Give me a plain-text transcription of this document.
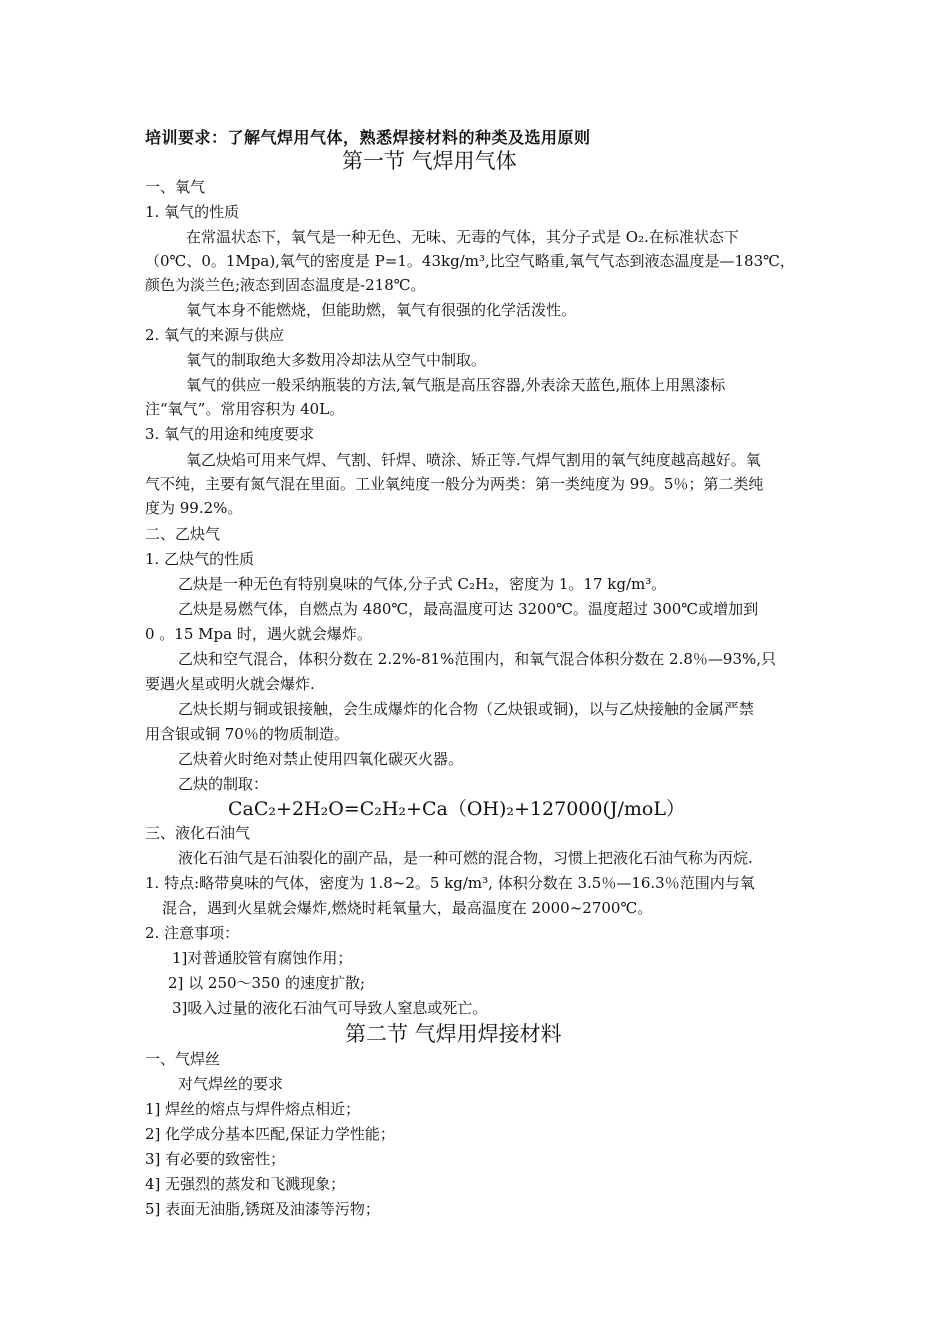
培训要求：了解气焊用气体，熟悉焊接材料的种类及选用原则
第一节 气焊用气体
一、氧气
1. 氧气的性质
在常温状态下，氧气是一种无色、无味、无毒的气体，其分子式是 O₂.在标准状态下
（0℃、0。1Mpa),氧气的密度是 P=1。43kg/m³,比空气略重,氧气气态到液态温度是—183℃，
颜色为淡兰色;液态到固态温度是-218℃。
氧气本身不能燃烧，但能助燃，氧气有很强的化学活泼性。
2. 氧气的来源与供应
氧气的制取绝大多数用冷却法从空气中制取。
氧气的供应一般采纳瓶装的方法,氧气瓶是高压容器,外表涂天蓝色,瓶体上用黑漆标
注“氧气”。常用容积为 40L。
3. 氧气的用途和纯度要求
氧乙炔焰可用来气焊、气割、钎焊、喷涂、矫正等.气焊气割用的氧气纯度越高越好。氧
气不纯，主要有氮气混在里面。工业氧纯度一般分为两类：第一类纯度为 99。5％；第二类纯
度为 99.2%。
二、乙炔气
1. 乙炔气的性质
乙炔是一种无色有特别臭味的气体,分子式 C₂H₂，密度为 1。17 kg/m³。
乙炔是易燃气体，自燃点为 480℃，最高温度可达 3200℃。温度超过 300℃或增加到
0 。15 Mpa 时，遇火就会爆炸。
乙炔和空气混合，体积分数在 2.2%-81%范围内，和氧气混合体积分数在 2.8％—93%,只
要遇火星或明火就会爆炸.
乙炔长期与铜或银接触，会生成爆炸的化合物（乙炔银或铜)，以与乙炔接触的金属严禁
用含银或铜 70％的物质制造。
乙炔着火时绝对禁止使用四氧化碳灭火器。
乙炔的制取：
CaC₂+2H₂O=C₂H₂+Ca（OH)₂+127000(J/moL）
三、液化石油气
液化石油气是石油裂化的副产品，是一种可燃的混合物，习惯上把液化石油气称为丙烷.
1. 特点:略带臭味的气体，密度为 1.8~2。5 kg/m³, 体积分数在 3.5％—16.3％范围内与氧
混合，遇到火星就会爆炸,燃烧时耗氧量大，最高温度在 2000~2700℃。
2. 注意事项：
1]对普通胶管有腐蚀作用；
2] 以 250～350 的速度扩散;
3]吸入过量的液化石油气可导致人窒息或死亡。
第二节 气焊用焊接材料
一、气焊丝
对气焊丝的要求
1] 焊丝的熔点与焊件熔点相近；
2] 化学成分基本匹配,保证力学性能；
3] 有必要的致密性；
4] 无强烈的蒸发和飞溅现象；
5] 表面无油脂,锈斑及油漆等污物；
